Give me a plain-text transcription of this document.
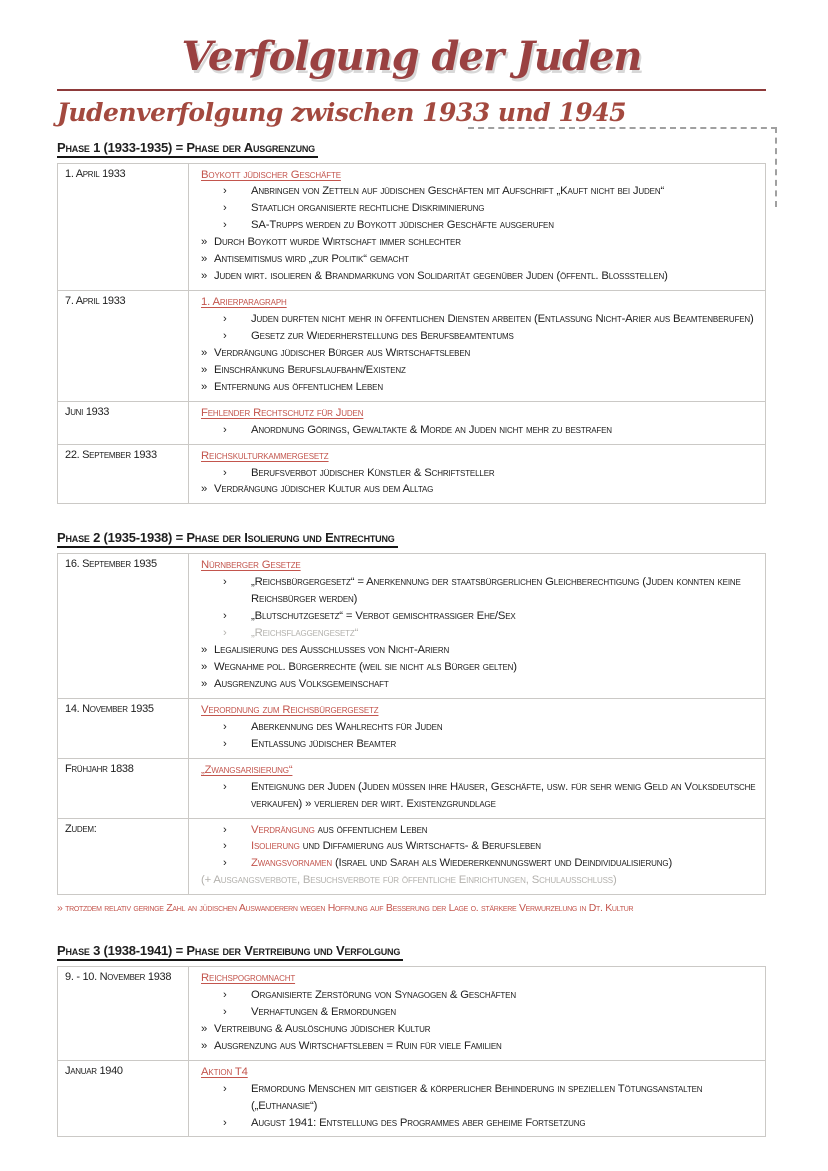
Verfolgung der Juden
Judenverfolgung zwischen 1933 und 1945
Phase 1 (1933-1935) = Phase der Ausgrenzung
1. April 1933	Boykott jüdischer Geschäfte
› Anbringen von Zetteln auf jüdischen Geschäften mit Aufschrift „Kauft nicht bei Juden“
› Staatlich organisierte rechtliche Diskriminierung
› SA-Trupps werden zu Boykott jüdischer Geschäfte ausgerufen
» Durch Boykott wurde Wirtschaft immer schlechter
» Antisemitismus wird „zur Politik“ gemacht
» Juden wirt. isolieren & Brandmarkung von Solidarität gegenüber Juden (öffentl. Bloßstellen)

7. April 1933	1. Arierparagraph
› Juden durften nicht mehr in öffentlichen Diensten arbeiten (Entlassung Nicht-Arier aus Beamtenberufen)
› Gesetz zur Wiederherstellung des Berufsbeamtentums
» Verdrängung jüdischer Bürger aus Wirtschaftsleben
» Einschränkung Berufslaufbahn/Existenz
» Entfernung aus öffentlichem Leben

Juni 1933	Fehlender Rechtschutz für Juden
› Anordnung Görings, Gewaltakte & Morde an Juden nicht mehr zu bestrafen

22. September 1933	Reichskulturkammergesetz
› Berufsverbot jüdischer Künstler & Schriftsteller
» Verdrängung jüdischer Kultur aus dem Alltag
Phase 2 (1935-1938) = Phase der Isolierung und Entrechtung
16. September 1935	Nürnberger Gesetze
› „Reichsbürgergesetz“ = Anerkennung der staatsbürgerlichen Gleichberechtigung (Juden konnten keine Reichsbürger werden)
› „Blutschutzgesetz“ = Verbot gemischtrassiger Ehe/Sex
› „Reichsflaggengesetz“
» Legalisierung des Ausschlusses von Nicht-Ariern
» Wegnahme pol. Bürgerrechte (weil sie nicht als Bürger gelten)
» Ausgrenzung aus Volksgemeinschaft

14. November 1935	Verordnung zum Reichsbürgergesetz
› Aberkennung des Wahlrechts für Juden
› Entlassung jüdischer Beamter

Frühjahr 1838	„Zwangsarisierung“
› Enteignung der Juden (Juden müssen ihre Häuser, Geschäfte, usw. für sehr wenig Geld an Volksdeutsche verkaufen) » verlieren der wirt. Existenzgrundlage

Zudem:	› Verdrängung aus öffentlichem Leben
› Isolierung und Diffamierung aus Wirtschafts- & Berufsleben
› Zwangsvornamen (Israel und Sarah als Wiedererkennungswert und Deindividualisierung)
(+ Ausgangsverbote, Besuchsverbote für öffentliche Einrichtungen, Schulausschluss)
» trotzdem relativ geringe Zahl an jüdischen Auswanderern wegen Hoffnung auf Besserung der Lage o. stärkere Verwurzelung in Dt. Kultur
Phase 3 (1938-1941) = Phase der Vertreibung und Verfolgung
9. - 10. November 1938	Reichspogromnacht
› Organisierte Zerstörung von Synagogen & Geschäften
› Verhaftungen & Ermordungen
» Vertreibung & Auslöschung jüdischer Kultur
» Ausgrenzung aus Wirtschaftsleben = Ruin für viele Familien

Januar 1940	Aktion T4
› Ermordung Menschen mit geistiger & körperlicher Behinderung in speziellen Tötungsanstalten („Euthanasie“)
› August 1941: Entstellung des Programmes aber geheime Fortsetzung
